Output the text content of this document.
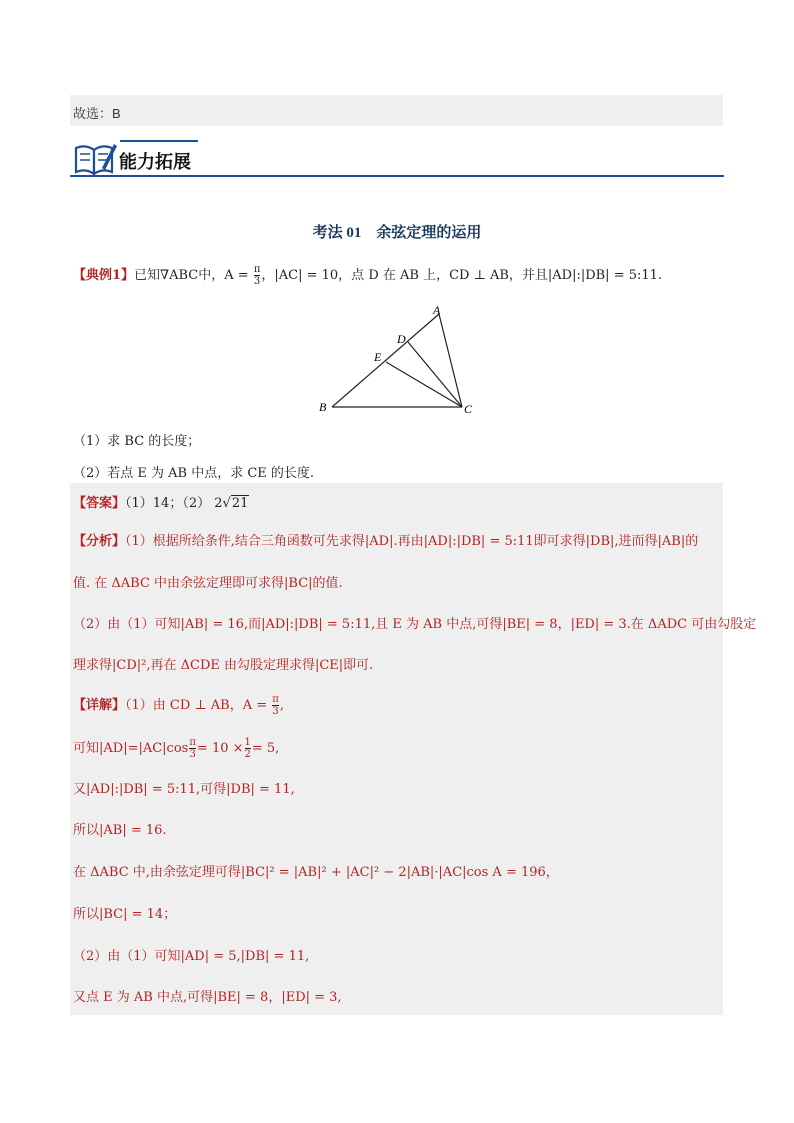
故选：B
能力拓展
考法 01　余弦定理的运用
【典例1】已知∇ABC中，$A = \frac{\pi}{3}$ ，|AC| = 10，点 D 在 AB 上，CD ⊥ AB，并且|AD|:|DB| = 5:11.
A
B	C
D
E
（1）求 BC 的长度；
（2）若点 E 为 AB 中点，求 CE 的长度.
【答案】（1）14；（2） 2√21
【分析】（1）根据所给条件,结合三角函数可先求得|AD|.再由|AD|:|DB| = 5:11即可求得|DB|,进而得|AB|的
值. 在 ΔABC 中由余弦定理即可求得|BC|的值.
（2）由（1）可知|AB| = 16,而|AD|:|DB| = 5:11,且 E 为 AB 中点,可得|BE| = 8，|ED| = 3.在 ΔADC 可由勾股定
理求得|CD|²,再在 ΔCDE 由勾股定理求得|CE|即可.
【详解】（1）由 CD ⊥ AB，$A = \frac{\pi}{3}$ ,
可知$|AD|=|AC|\cos \frac{\pi}{3} = 10 \times \frac{1}{2} = 5$,
又|AD|:|DB| = 5:11,可得|DB| = 11,
所以|AB| = 16.
在 ΔABC 中,由余弦定理可得|BC|² = |AB|² + |AC|² − 2|AB|·|AC|cos A = 196，
所以|BC| = 14；
（2）由（1）可知|AD| = 5,|DB| = 11,
又点 E 为 AB 中点,可得|BE| = 8，|ED| = 3,
